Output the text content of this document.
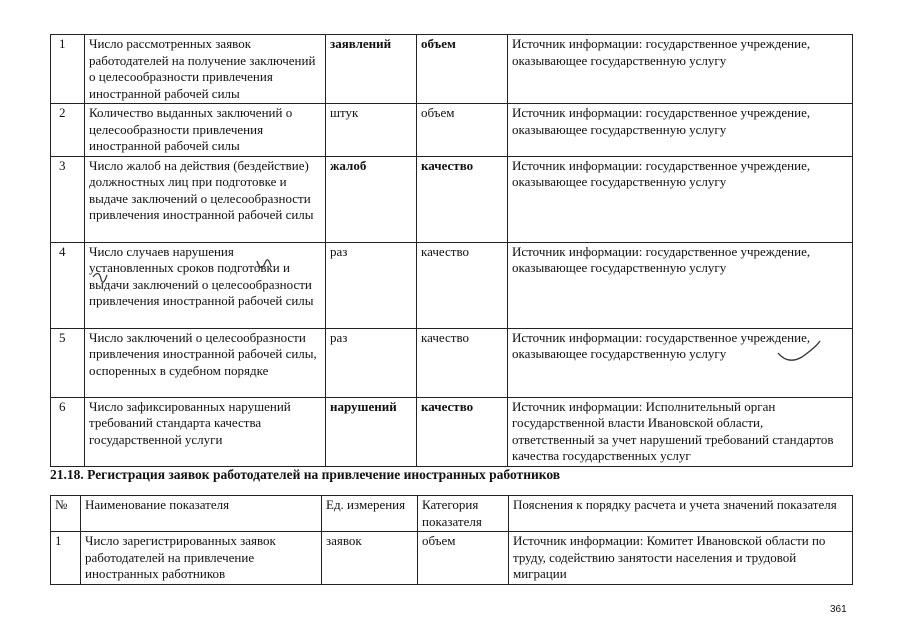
1	Число рассмотренных заявок работодателей на получение заключений о целесообразности привлечения иностранной рабочей силы	заявлений	объем	Источник информации: государственное учреждение, оказывающее государственную услугу
2	Количество выданных заключений о целесообразности привлечения иностранной рабочей силы	штук	объем	Источник информации: государственное учреждение, оказывающее государственную услугу
3	Число жалоб на действия (бездействие) должностных лиц при подготовке и выдаче заключений о целесообразности привлечения иностранной рабочей силы	жалоб	качество	Источник информации: государственное учреждение, оказывающее государственную услугу
4	Число случаев нарушения установленных сроков подготовки и выдачи заключений о целесообразности привлечения иностранной рабочей силы	раз	качество	Источник информации: государственное учреждение, оказывающее государственную услугу
5	Число заключений о целесообразности привлечения иностранной рабочей силы, оспоренных в судебном порядке	раз	качество	Источник информации: государственное учреждение, оказывающее государственную услугу
6	Число зафиксированных нарушений требований стандарта качества государственной услуги	нарушений	качество	Источник информации: Исполнительный орган государственной власти Ивановской области, ответственный за учет нарушений требований стандартов качества государственных услуг
21.18. Регистрация заявок работодателей на привлечение иностранных работников
№	Наименование показателя	Ед. измерения	Категория показателя	Пояснения к порядку расчета и учета значений показателя
1	Число зарегистрированных заявок работодателей на привлечение иностранных работников	заявок	объем	Источник информации: Комитет Ивановской области по труду, содействию занятости населения и трудовой миграции
361
